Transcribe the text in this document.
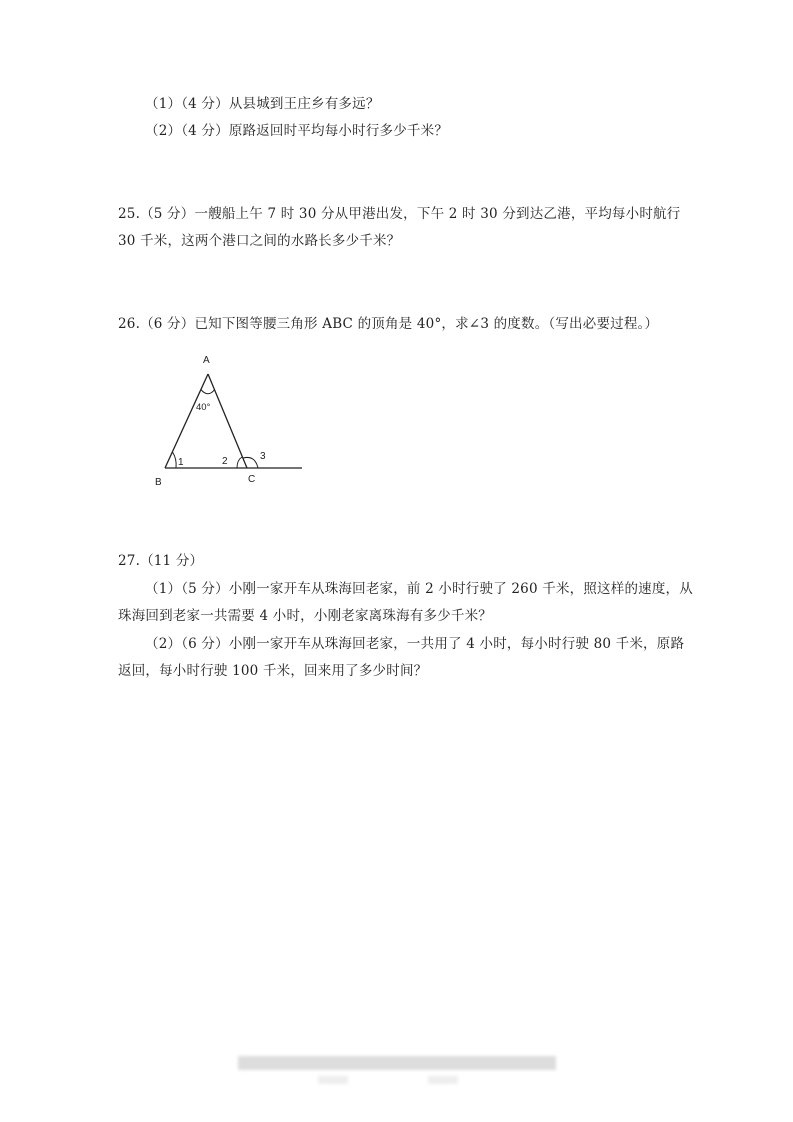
（1）（4 分）从县城到王庄乡有多远？
（2）（4 分）原路返回时平均每小时行多少千米？
25.（5 分）一艘船上午 7 时 30 分从甲港出发，下午 2 时 30 分到达乙港，平均每小时航行
30 千米，这两个港口之间的水路长多少千米？
26.（6 分）已知下图等腰三角形 ABC 的顶角是 40°，求∠3 的度数。（写出必要过程。）
A
40°
B	C
1	2	3
27.（11 分）
（1）（5 分）小刚一家开车从珠海回老家，前 2 小时行驶了 260 千米，照这样的速度，从
珠海回到老家一共需要 4 小时，小刚老家离珠海有多少千米？
（2）（6 分）小刚一家开车从珠海回老家，一共用了 4 小时，每小时行驶 80 千米，原路
返回，每小时行驶 100 千米，回来用了多少时间？
